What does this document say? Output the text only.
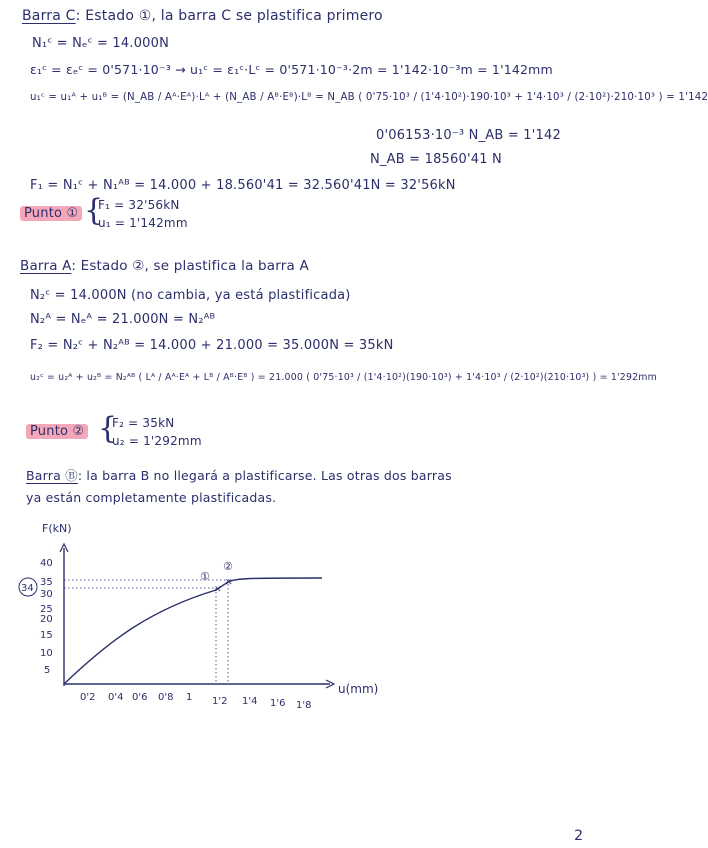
Barra C: Estado ①, la barra C se plastifica primero
N₁ᶜ = Nₑᶜ = 14.000N
ε₁ᶜ = εₑᶜ = 0'571·10⁻³ → u₁ᶜ = ε₁ᶜ·Lᶜ = 0'571·10⁻³·2m = 1'142·10⁻³m = 1'142mm
u₁ᶜ = u₁ᴬ + u₁ᴮ = (N_AB / Aᴬ·Eᴬ)·Lᴬ + (N_AB / Aᴮ·Eᴮ)·Lᴮ = N_AB ( 0'75·10³ / (1'4·10²)·190·10³ + 1'4·10³ / (2·10²)·210·10³ ) = 1'142
0'06153·10⁻³ N_AB = 1'142
N_AB = 18560'41 N
F₁ = N₁ᶜ + N₁ᴬᴮ = 14.000 + 18.560'41 = 32.560'41N = 32'56kN
Punto ① {
F₁ = 32'56kN
u₁ = 1'142mm
Barra A: Estado ②, se plastifica la barra A
N₂ᶜ = 14.000N (no cambia, ya está plastificada)
N₂ᴬ = Nₑᴬ = 21.000N = N₂ᴬᴮ
F₂ = N₂ᶜ + N₂ᴬᴮ = 14.000 + 21.000 = 35.000N = 35kN
u₂ᶜ = u₂ᴬ + u₂ᴮ = N₂ᴬᴮ ( Lᴬ / Aᴬ·Eᴬ + Lᴮ / Aᴮ·Eᴮ ) = 21.000 ( 0'75·10³ / (1'4·10²)(190·10³) + 1'4·10³ / (2·10²)(210·10³) ) = 1'292mm
Punto ② {
F₂ = 35kN
u₂ = 1'292mm
Barra Ⓑ: la barra B no llegará a plastificarse. Las otras dos barras
ya están completamente plastificadas.
F(kN)
u(mm)
5
10
15
20
25
30
35
40
34
0'2 0'4 0'6 0'8 1 1'2 1'4 1'6 1'8
✕
✕
①
②
2
